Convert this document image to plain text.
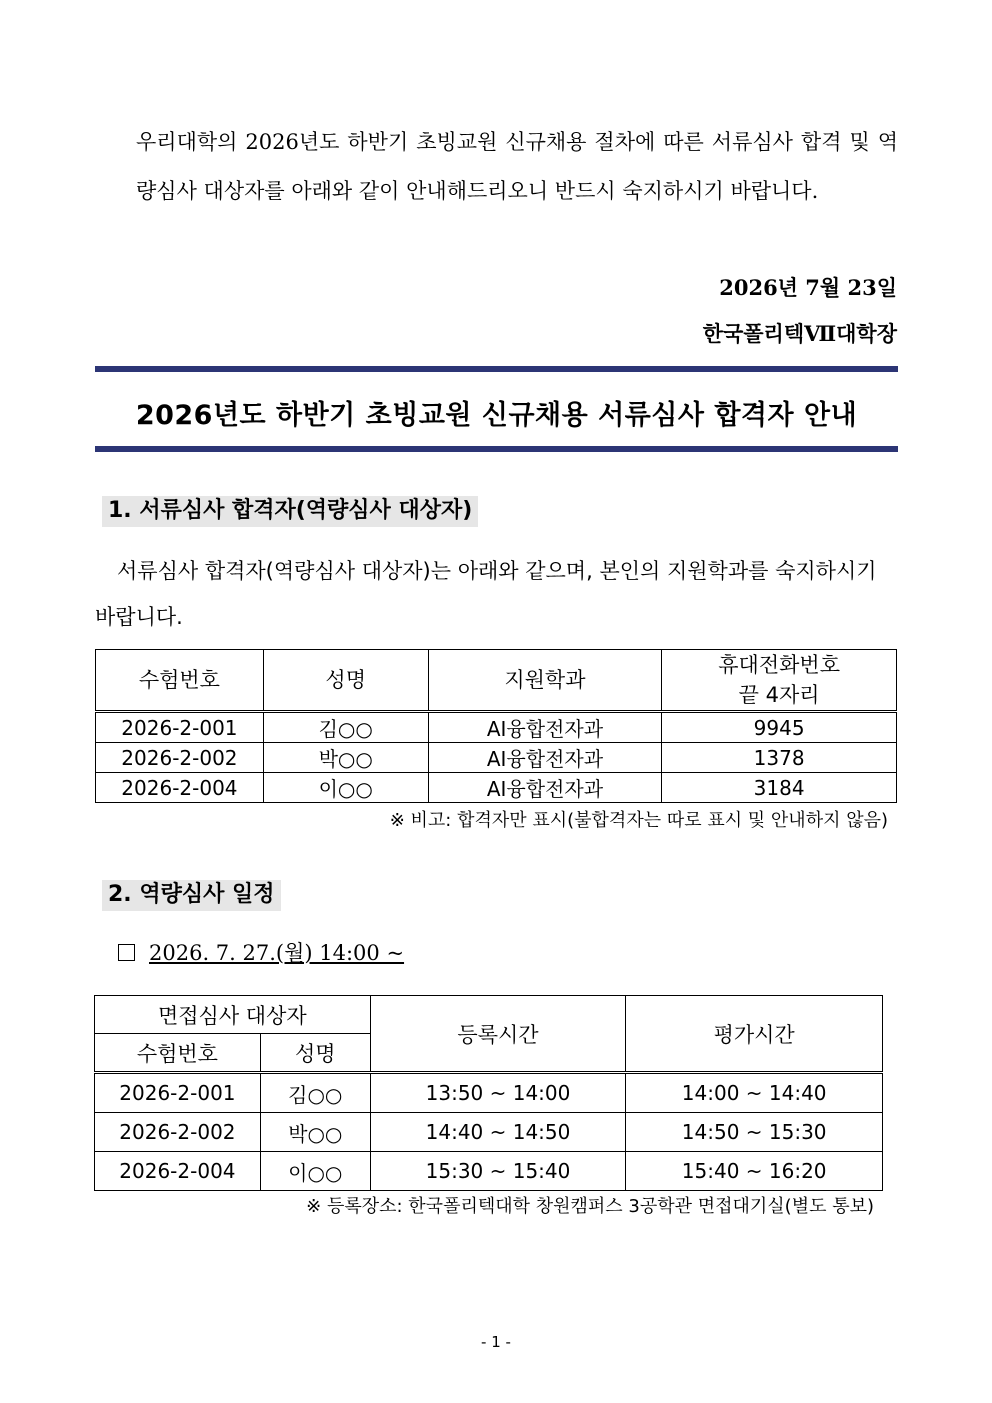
우리대학의 2026년도 하반기 초빙교원 신규채용 절차에 따른 서류심사 합격 및 역량심사 대상자를 아래와 같이 안내해드리오니 반드시 숙지하시기 바랍니다.
2026년 7월 23일
한국폴리텍Ⅶ대학장
2026년도 하반기 초빙교원 신규채용 서류심사 합격자 안내
1. 서류심사 합격자(역량심사 대상자)
서류심사 합격자(역량심사 대상자)는 아래와 같으며, 본인의 지원학과를 숙지하시기 바랍니다.
수험번호	성명	지원학과	휴대전화번호
끝 4자리

2026-2-001	김○○	AI융합전자과	9945
2026-2-002	박○○	AI융합전자과	1378
2026-2-004	이○○	AI융합전자과	3184
※ 비고: 합격자만 표시(불합격자는 따로 표시 및 안내하지 않음)
2. 역량심사 일정
2026. 7. 27.(월) 14:00 ~
면접심사 대상자		등록시간	평가시간
수험번호	성명		
2026-2-001	김○○	13:50 ~ 14:00	14:00 ~ 14:40
2026-2-002	박○○	14:40 ~ 14:50	14:50 ~ 15:30
2026-2-004	이○○	15:30 ~ 15:40	15:40 ~ 16:20
※ 등록장소: 한국폴리텍대학 창원캠퍼스 3공학관 면접대기실(별도 통보)
- 1 -
